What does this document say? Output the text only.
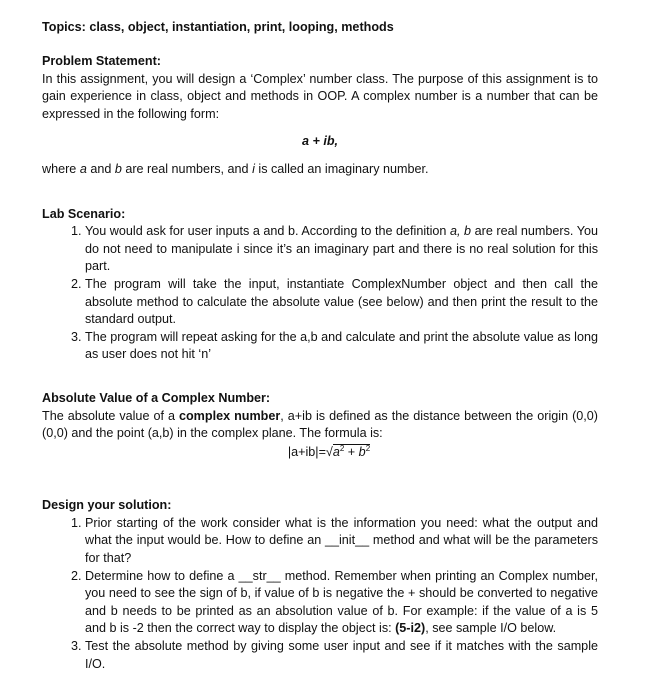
Topics: class, object, instantiation, print, looping, methods
Problem Statement:

In this assignment, you will design a ‘Complex’ number class. The purpose of this assignment is to gain experience in class, object and methods in OOP. A complex number is a number that can be expressed in the following form:

a + ib,

where a and b are real numbers, and i is called an imaginary number.

Lab Scenario:
1. You would ask for user inputs a and b. According to the definition a, b are real numbers. You do not need to manipulate i since it’s an imaginary part and there is no real solution for this part.
2. The program will take the input, instantiate ComplexNumber object and then call the absolute method to calculate the absolute value (see below) and then print the result to the standard output.
3. The program will repeat asking for the a,b and calculate and print the absolute value as long as user does not hit ‘n’
Absolute Value of a Complex Number:

The absolute value of a complex number, a+ib is defined as the distance between the origin (0,0)(0,0) and the point (a,b) in the complex plane. The formula is:

$|a+ib|=√a^2 + b^2$
Design your solution:
1. Prior starting of the work consider what is the information you need: what the output and what the input would be. How to define an __init__ method and what will be the parameters for that?
2. Determine how to define a __str__ method. Remember when printing an Complex number, you need to see the sign of b, if value of b is negative the + should be converted to negative and b needs to be printed as an absolution value of b. For example: if the value of a is 5 and b is -2 then the correct way to display the object is: (5-i2), see sample I/O below.
3. Test the absolute method by giving some user input and see if it matches with the sample I/O.
